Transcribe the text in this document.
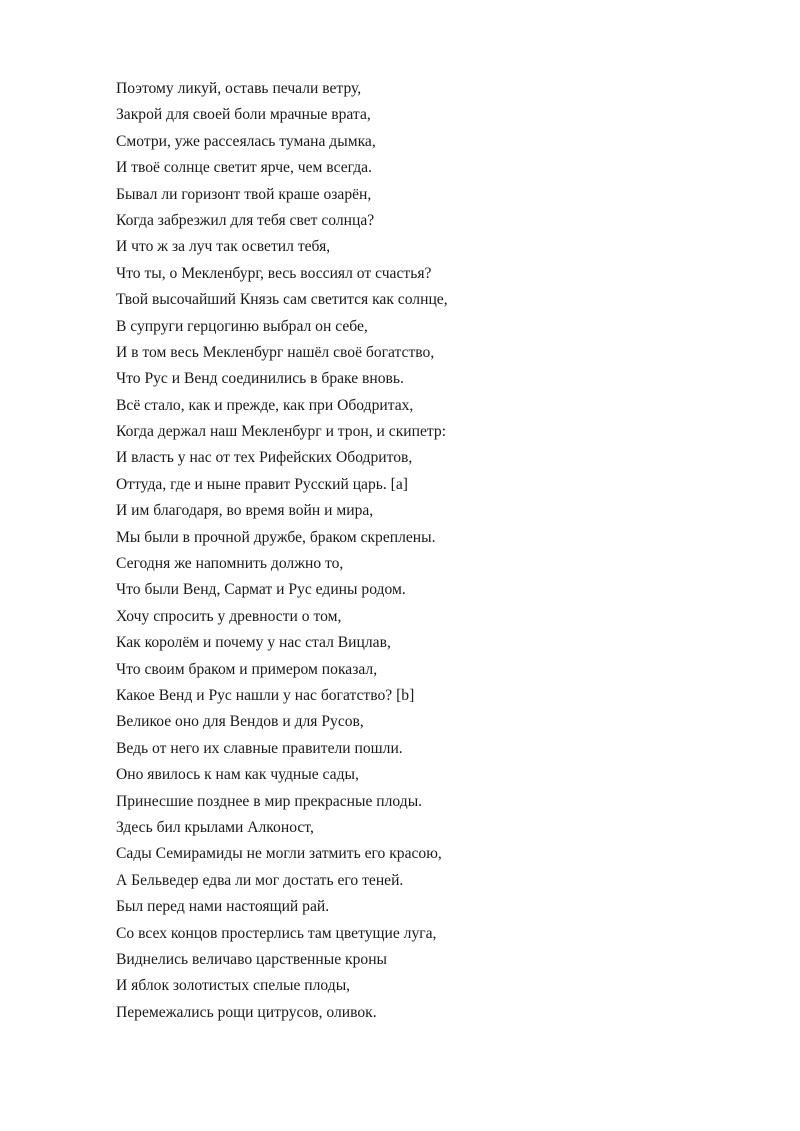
Поэтому ликуй, оставь печали ветру,
Закрой для своей боли мрачные врата,
Смотри, уже рассеялась тумана дымка,
И твоё солнце светит ярче, чем всегда.
Бывал ли горизонт твой краше озарён,
Когда забрезжил для тебя свет солнца?
И что ж за луч так осветил тебя,
Что ты, о Мекленбург, весь воссиял от счастья?
Твой высочайший Князь сам светится как солнце,
В супруги герцогиню выбрал он себе,
И в том весь Мекленбург нашёл своё богатство,
Что Рус и Венд соединились в браке вновь.
Всё стало, как и прежде, как при Ободритах,
Когда держал наш Мекленбург и трон, и скипетр:
И власть у нас от тех Рифейских Ободритов,
Оттуда, где и ныне правит Русский царь. [a]
И им благодаря, во время войн и мира,
Мы были в прочной дружбе, браком скреплены.
Сегодня же напомнить должно то,
Что были Венд, Сармат и Рус едины родом.
Хочу спросить у древности о том,
Как королём и почему у нас стал Вицлав,
Что своим браком и примером показал,
Какое Венд и Рус нашли у нас богатство? [b]
Великое оно для Вендов и для Русов,
Ведь от него их славные правители пошли.
Оно явилось к нам как чудные сады,
Принесшие позднее в мир прекрасные плоды.
Здесь бил крылами Алконост,
Сады Семирамиды не могли затмить его красою,
А Бельведер едва ли мог достать его теней.
Был перед нами настоящий рай.
Со всех концов простерлись там цветущие луга,
Виднелись величаво царственные кроны
И яблок золотистых спелые плоды,
Перемежались рощи цитрусов, оливок.
